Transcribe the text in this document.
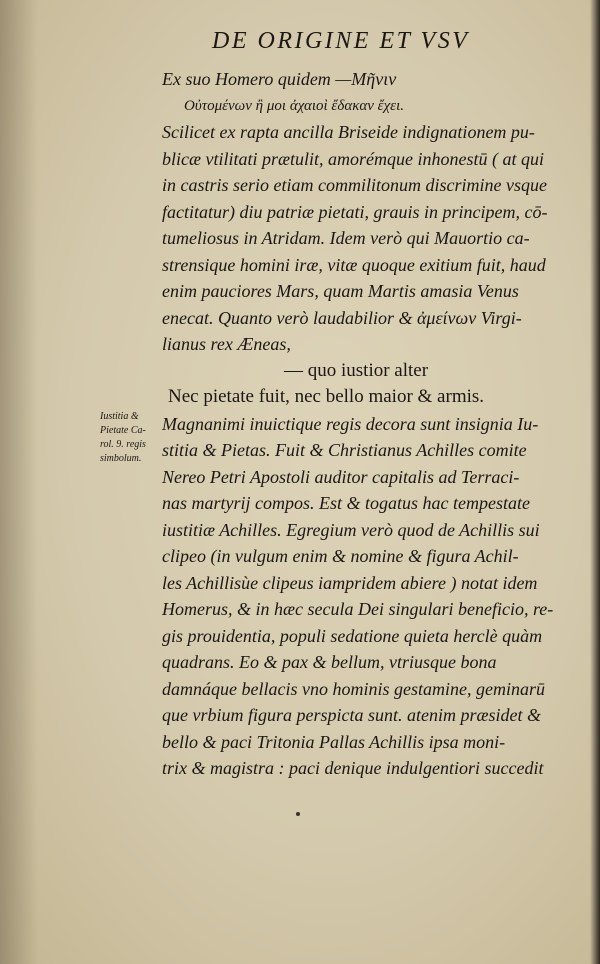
DE ORIGINE ET VSV
Iustitia &
Pietate Ca-
rol. 9. regis
simbolum.
Ex suo Homero quidem —Μῆνιν
Οὐτομένων ἢ μοι ἀχαιοὶ ἔδακαν ἔχει.
Scilicet ex rapta ancilla Briseide indignationem pu-
blicæ vtilitati prætulit, amorémque inhonestū ( at qui
in castris serio etiam commilitonum discrimine vsque
factitatur) diu patriæ pietati, grauis in principem, cō-
tumeliosus in Atridam. Idem verò qui Mauortio ca-
strensique homini iræ, vitæ quoque exitium fuit, haud
enim pauciores Mars, quam Martis amasia Venus
enecat. Quanto verò laudabilior & ἀμείνων Virgi-
lianus rex Æneas,
— quo iustior alter
Nec pietate fuit, nec bello maior & armis.
Magnanimi inuictique regis decora sunt insignia Iu-
stitia & Pietas. Fuit & Christianus Achilles comite
Nereo Petri Apostoli auditor capitalis ad Terraci-
nas martyrij compos. Est & togatus hac tempestate
iustitiæ Achilles. Egregium verò quod de Achillis sui
clipeo (in vulgum enim & nomine & figura Achil-
les Achillisùe clipeus iampridem abiere ) notat idem
Homerus, & in hæc secula Dei singulari beneficio, re-
gis prouidentia, populi sedatione quieta herclè quàm
quadrans. Eo & pax & bellum, vtriusque bona
damnáque bellacis vno hominis gestamine, geminarū
que vrbium figura perspicta sunt. atenim præsidet &
bello & paci Tritonia Pallas Achillis ipsa moni-
trix & magistra : paci denique indulgentiori succedit
